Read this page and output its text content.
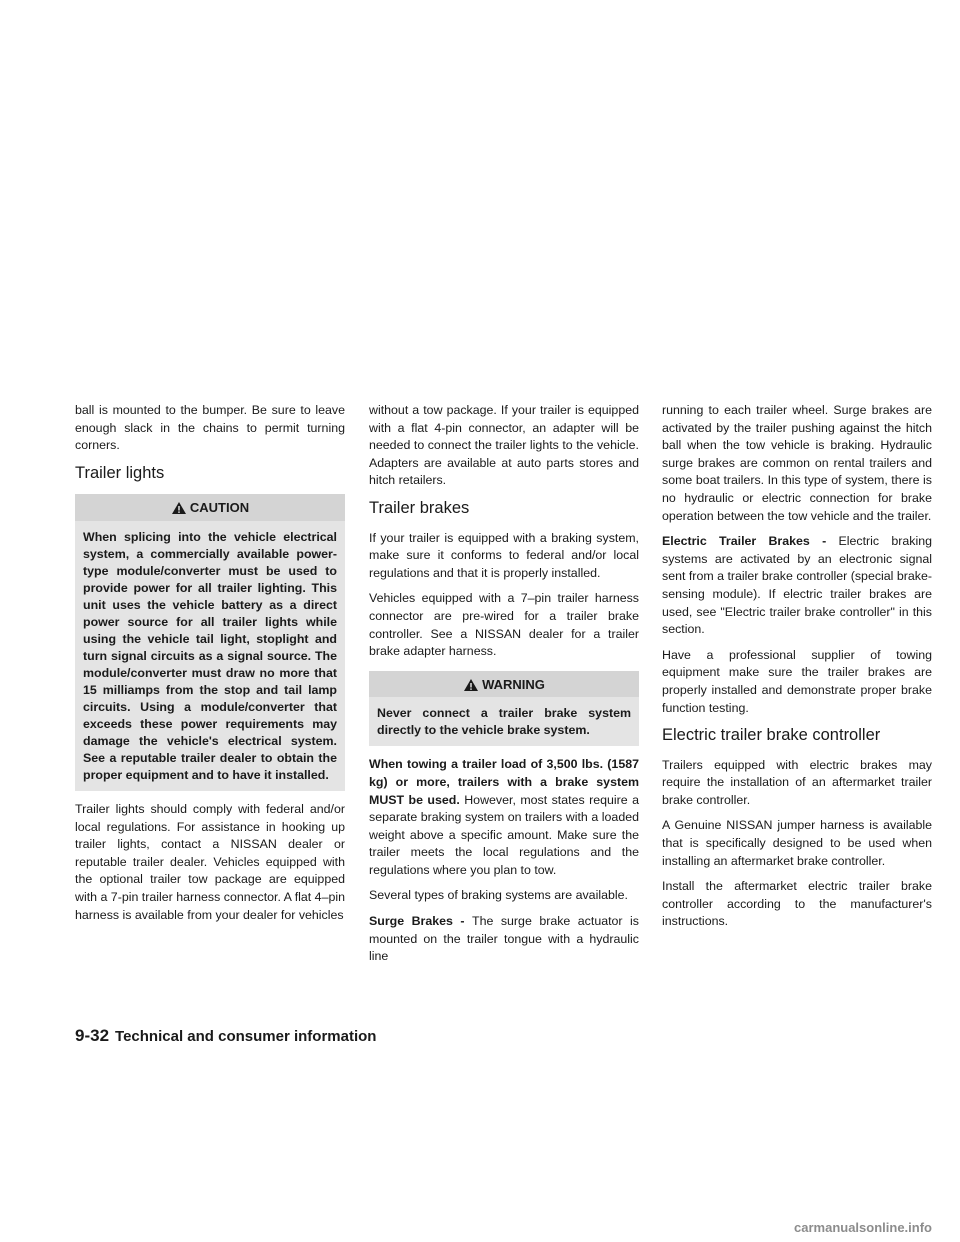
ball is mounted to the bumper. Be sure to leave enough slack in the chains to permit turning corners.

Trailer lights
CAUTION
When splicing into the vehicle electrical system, a commercially available power-type module/converter must be used to provide power for all trailer lighting. This unit uses the vehicle battery as a direct power source for all trailer lights while using the vehicle tail light, stoplight and turn signal circuits as a signal source. The module/converter must draw no more that 15 milliamps from the stop and tail lamp circuits. Using a module/converter that exceeds these power requirements may damage the vehicle's electrical system. See a reputable trailer dealer to obtain the proper equipment and to have it installed.

Trailer lights should comply with federal and/or local regulations. For assistance in hooking up trailer lights, contact a NISSAN dealer or reputable trailer dealer. Vehicles equipped with the optional trailer tow package are equipped with a 7-pin trailer harness connector. A flat 4–pin harness is available from your dealer for vehicles

without a tow package. If your trailer is equipped with a flat 4-pin connector, an adapter will be needed to connect the trailer lights to the vehicle. Adapters are available at auto parts stores and hitch retailers.

Trailer brakes

If your trailer is equipped with a braking system, make sure it conforms to federal and/or local regulations and that it is properly installed.

Vehicles equipped with a 7–pin trailer harness connector are pre-wired for a trailer brake controller. See a NISSAN dealer for a trailer brake adapter harness.

WARNING
Never connect a trailer brake system directly to the vehicle brake system.

When towing a trailer load of 3,500 lbs. (1587 kg) or more, trailers with a brake system MUST be used. However, most states require a separate braking system on trailers with a loaded weight above a specific amount. Make sure the trailer meets the local regulations and the regulations where you plan to tow.

Several types of braking systems are available.

Surge Brakes - The surge brake actuator is mounted on the trailer tongue with a hydraulic line

running to each trailer wheel. Surge brakes are activated by the trailer pushing against the hitch ball when the tow vehicle is braking. Hydraulic surge brakes are common on rental trailers and some boat trailers. In this type of system, there is no hydraulic or electric connection for brake operation between the tow vehicle and the trailer.

Electric Trailer Brakes - Electric braking systems are activated by an electronic signal sent from a trailer brake controller (special brake-sensing module). If electric trailer brakes are used, see "Electric trailer brake controller" in this section.

Have a professional supplier of towing equipment make sure the trailer brakes are properly installed and demonstrate proper brake function testing.

Electric trailer brake controller

Trailers equipped with electric brakes may require the installation of an aftermarket trailer brake controller.

A Genuine NISSAN jumper harness is available that is specifically designed to be used when installing an aftermarket brake controller.

Install the aftermarket electric trailer brake controller according to the manufacturer's instructions.

9-32 Technical and consumer information
carmanualsonline.info
